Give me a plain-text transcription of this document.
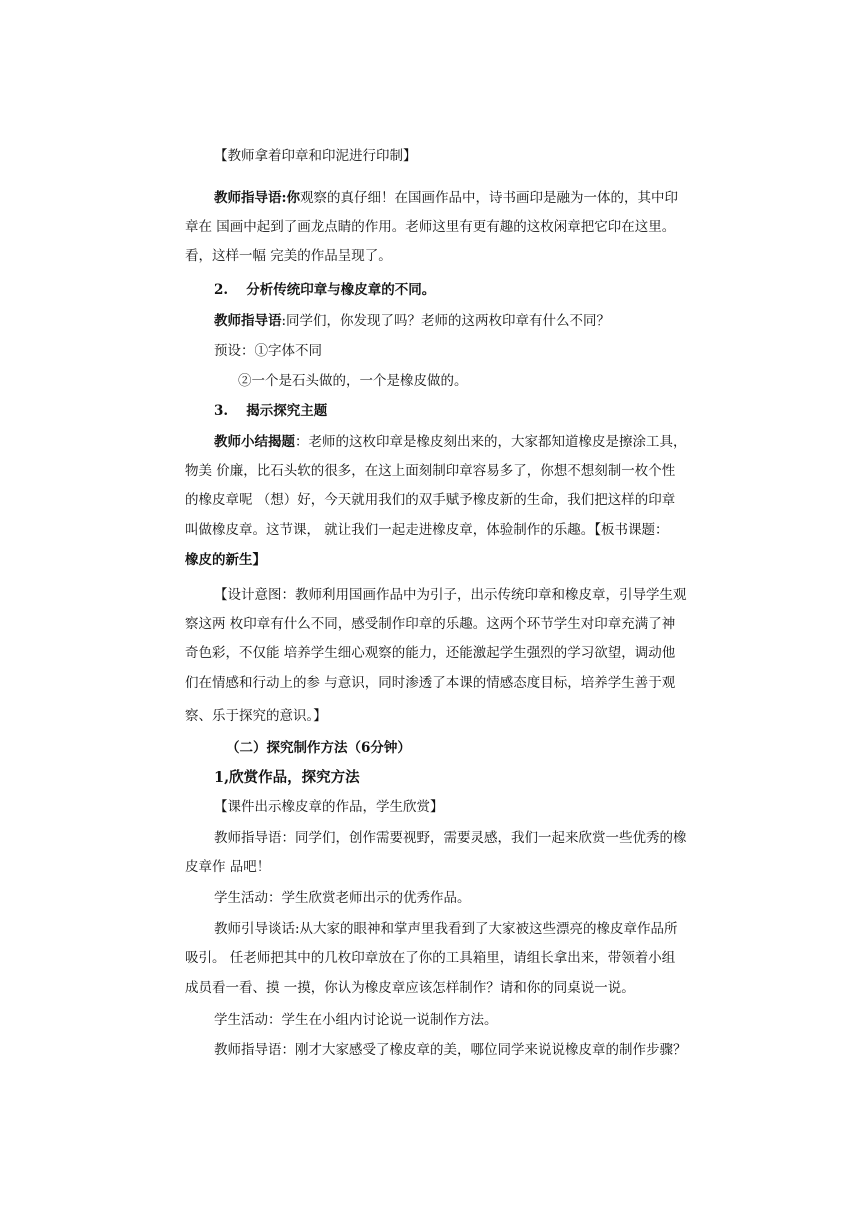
【教师拿着印章和印泥进行印制】
教师指导语:你观察的真仔细！在国画作品中，诗书画印是融为一体的，其中印
章在 国画中起到了画龙点睛的作用。老师这里有更有趣的这枚闲章把它印在这里。
看，这样一幅 完美的作品呈现了。
2.　 分析传统印章与橡皮章的不同。
教师指导语:同学们，你发现了吗？老师的这两枚印章有什么不同？
预设：①字体不同
②一个是石头做的，一个是橡皮做的。
3.　 揭示探究主题
教师小结揭题：老师的这枚印章是橡皮刻出来的，大家都知道橡皮是擦涂工具，
物美 价廉，比石头软的很多，在这上面刻制印章容易多了，你想不想刻制一枚个性
的橡皮章呢 （想）好，今天就用我们的双手赋予橡皮新的生命，我们把这样的印章
叫做橡皮章。这节课， 就让我们一起走进橡皮章，体验制作的乐趣。【板书课题：
橡皮的新生】
【设计意图：教师利用国画作品中为引子，出示传统印章和橡皮章，引导学生观
察这两 枚印章有什么不同，感受制作印章的乐趣。这两个环节学生对印章充满了神
奇色彩，不仅能 培养学生细心观察的能力，还能激起学生强烈的学习欲望，调动他
们在情感和行动上的参 与意识，同时渗透了本课的情感态度目标，培养学生善于观
察、乐于探究的意识。】
（二）探究制作方法（6分钟）
1,欣赏作品，探究方法
【课件出示橡皮章的作品，学生欣赏】
教师指导语：同学们，创作需要视野，需要灵感，我们一起来欣赏一些优秀的橡
皮章作 品吧！
学生活动：学生欣赏老师出示的优秀作品。
教师引导谈话:从大家的眼神和掌声里我看到了大家被这些漂亮的橡皮章作品所
吸引。 任老师把其中的几枚印章放在了你的工具箱里，请组长拿出来，带领着小组
成员看一看、摸 一摸，你认为橡皮章应该怎样制作？请和你的同桌说一说。
学生活动：学生在小组内讨论说一说制作方法。
教师指导语：刚才大家感受了橡皮章的美，哪位同学来说说橡皮章的制作步骤？
